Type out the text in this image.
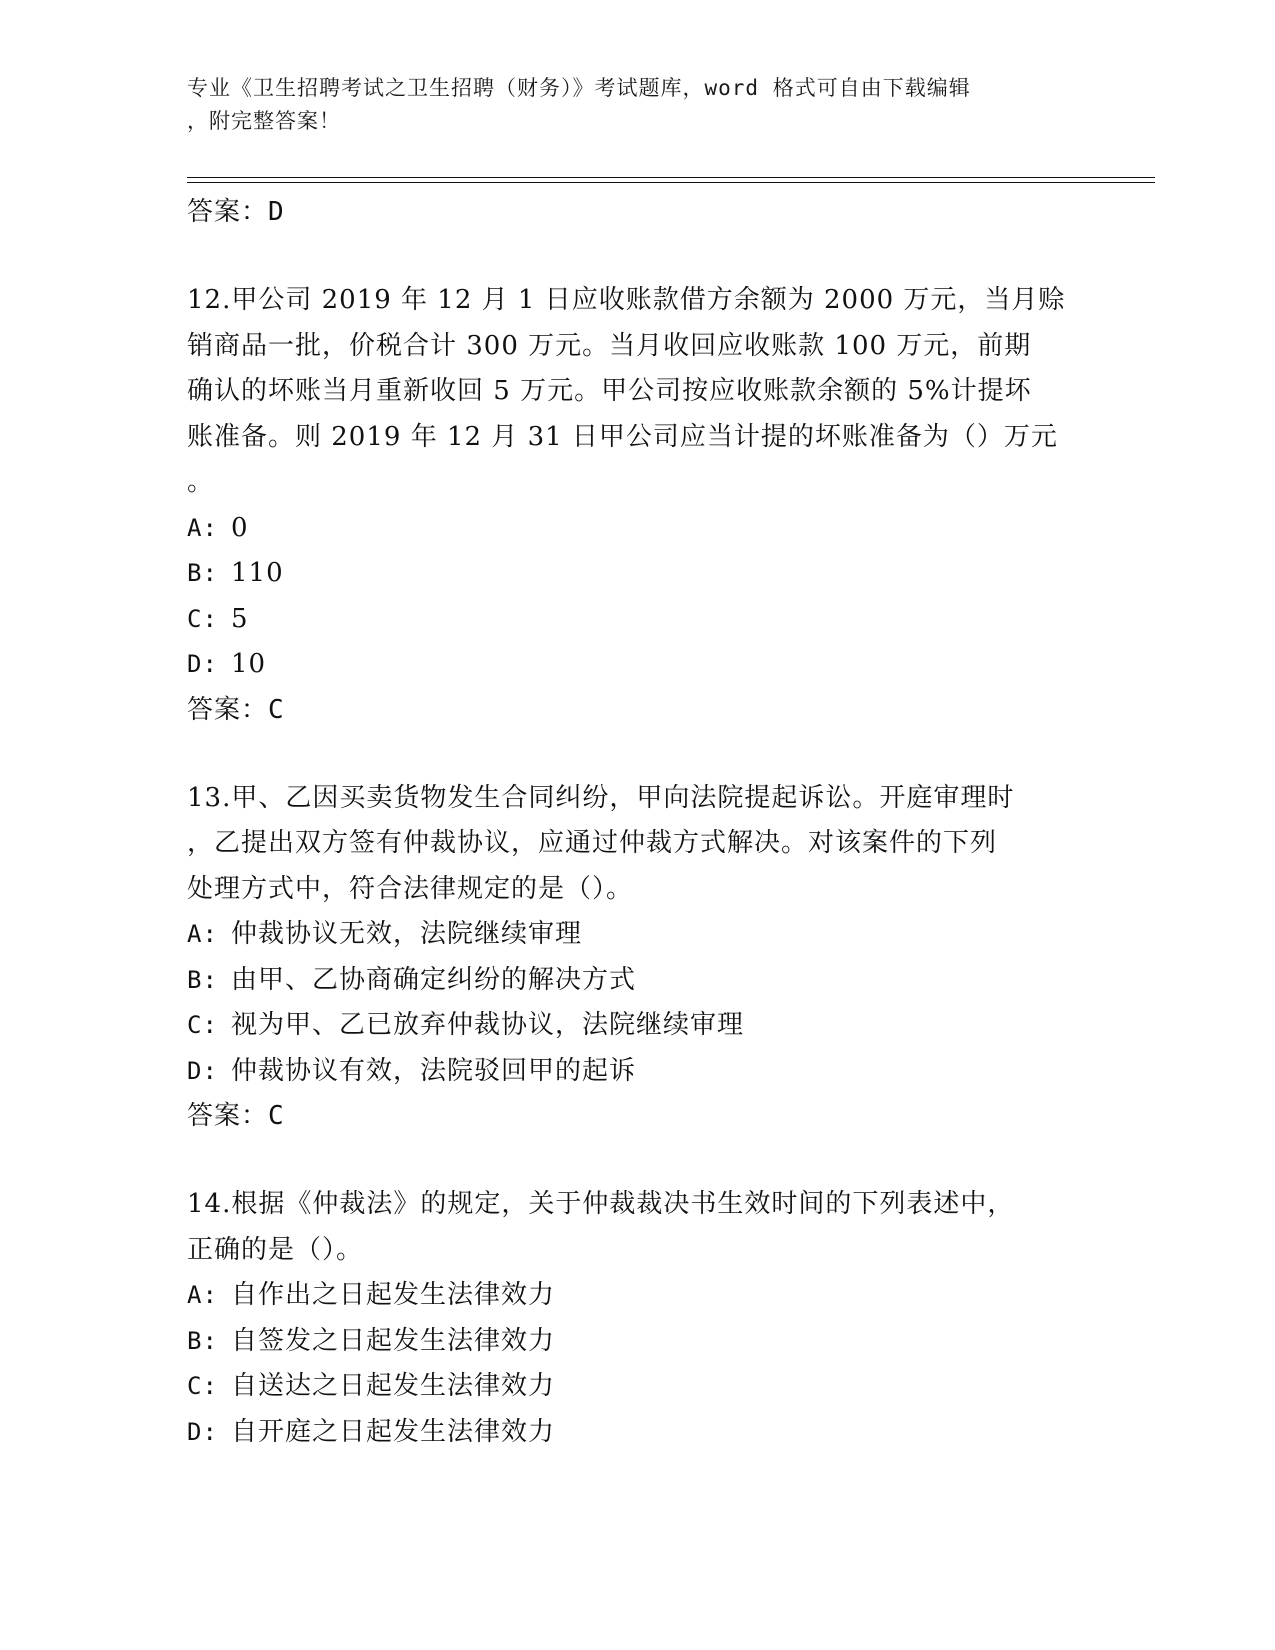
专业《卫生招聘考试之卫生招聘（财务）》考试题库，word 格式可自由下载编辑
，附完整答案！
答案：D
12.甲公司 2019 年 12 月 1 日应收账款借方余额为 2000 万元，当月赊
销商品一批，价税合计 300 万元。当月收回应收账款 100 万元，前期
确认的坏账当月重新收回 5 万元。甲公司按应收账款余额的 5%计提坏
账准备。则 2019 年 12 月 31 日甲公司应当计提的坏账准备为（）万元
。
A: 0
B: 110
C: 5
D: 10
答案：C
13.甲、乙因买卖货物发生合同纠纷，甲向法院提起诉讼。开庭审理时
，乙提出双方签有仲裁协议，应通过仲裁方式解决。对该案件的下列
处理方式中，符合法律规定的是（）。
A: 仲裁协议无效，法院继续审理
B: 由甲、乙协商确定纠纷的解决方式
C: 视为甲、乙已放弃仲裁协议，法院继续审理
D: 仲裁协议有效，法院驳回甲的起诉
答案：C
14.根据《仲裁法》的规定，关于仲裁裁决书生效时间的下列表述中，
正确的是（）。
A: 自作出之日起发生法律效力
B: 自签发之日起发生法律效力
C: 自送达之日起发生法律效力
D: 自开庭之日起发生法律效力
